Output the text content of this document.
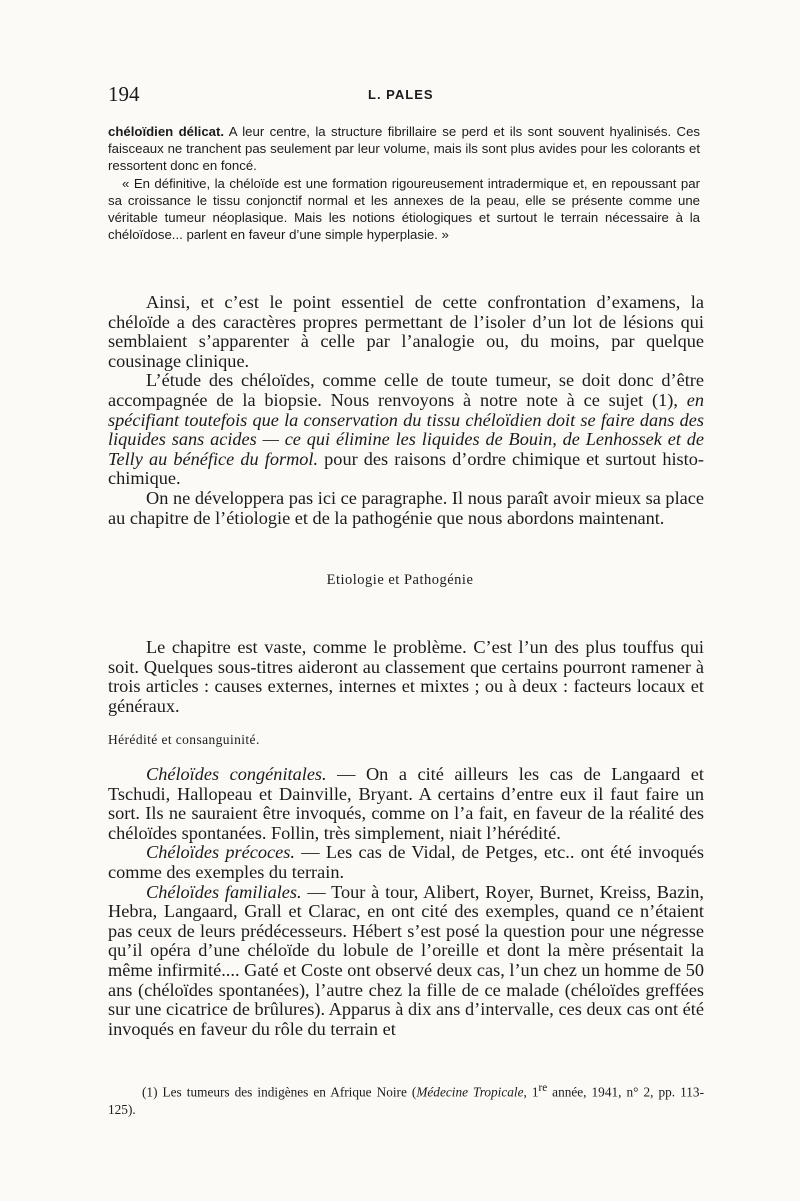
194	L. PALES

chéloïdien délicat. A leur centre, la structure fibrillaire se perd et ils sont souvent hyalinisés. Ces faisceaux ne tranchent pas seulement par leur volume, mais ils sont plus avides pour les colorants et ressortent donc en foncé.

« En définitive, la chéloïde est une formation rigoureusement intradermique et, en repoussant par sa croissance le tissu conjonctif normal et les annexes de la peau, elle se présente comme une véritable tumeur néoplasique. Mais les notions étiologiques et surtout le terrain nécessaire à la chéloïdose... parlent en faveur d’une simple hyperplasie. »

Ainsi, et c’est le point essentiel de cette confrontation d’examens, la chéloïde a des caractères propres permettant de l’isoler d’un lot de lésions qui semblaient s’apparenter à celle par l’analogie ou, du moins, par quelque cousinage clinique.

L’étude des chéloïdes, comme celle de toute tumeur, se doit donc d’être accompagnée de la biopsie. Nous renvoyons à notre note à ce sujet (1), en spécifiant toutefois que la conservation du tissu chéloïdien doit se faire dans des liquides sans acides — ce qui élimine les liquides de Bouin, de Lenhossek et de Telly au bénéfice du formol. pour des raisons d’ordre chimique et surtout histo-chimique.

On ne développera pas ici ce paragraphe. Il nous paraît avoir mieux sa place au chapitre de l’étiologie et de la pathogénie que nous abordons maintenant.

Etiologie et Pathogénie

Le chapitre est vaste, comme le problème. C’est l’un des plus touffus qui soit. Quelques sous-titres aideront au classement que certains pourront ramener à trois articles : causes externes, internes et mixtes ; ou à deux : facteurs locaux et généraux.

Hérédité et consanguinité.

Chéloïdes congénitales. — On a cité ailleurs les cas de Langaard et Tschudi, Hallopeau et Dainville, Bryant. A certains d’entre eux il faut faire un sort. Ils ne sauraient être invoqués, comme on l’a fait, en faveur de la réalité des chéloïdes spontanées. Follin, très simplement, niait l’hérédité.

Chéloïdes précoces. — Les cas de Vidal, de Petges, etc.. ont été invoqués comme des exemples du terrain.

Chéloïdes familiales. — Tour à tour, Alibert, Royer, Burnet, Kreiss, Bazin, Hebra, Langaard, Grall et Clarac, en ont cité des exemples, quand ce n’étaient pas ceux de leurs prédécesseurs. Hébert s’est posé la question pour une négresse qu’il opéra d’une chéloïde du lobule de l’oreille et dont la mère présentait la même infirmité.... Gaté et Coste ont observé deux cas, l’un chez un homme de 50 ans (chéloïdes spontanées), l’autre chez la fille de ce malade (chéloïdes greffées sur une cicatrice de brûlures). Apparus à dix ans d’intervalle, ces deux cas ont été invoqués en faveur du rôle du terrain et

(1) Les tumeurs des indigènes en Afrique Noire (Médecine Tropicale, 1re année, 1941, n° 2, pp. 113-125).
